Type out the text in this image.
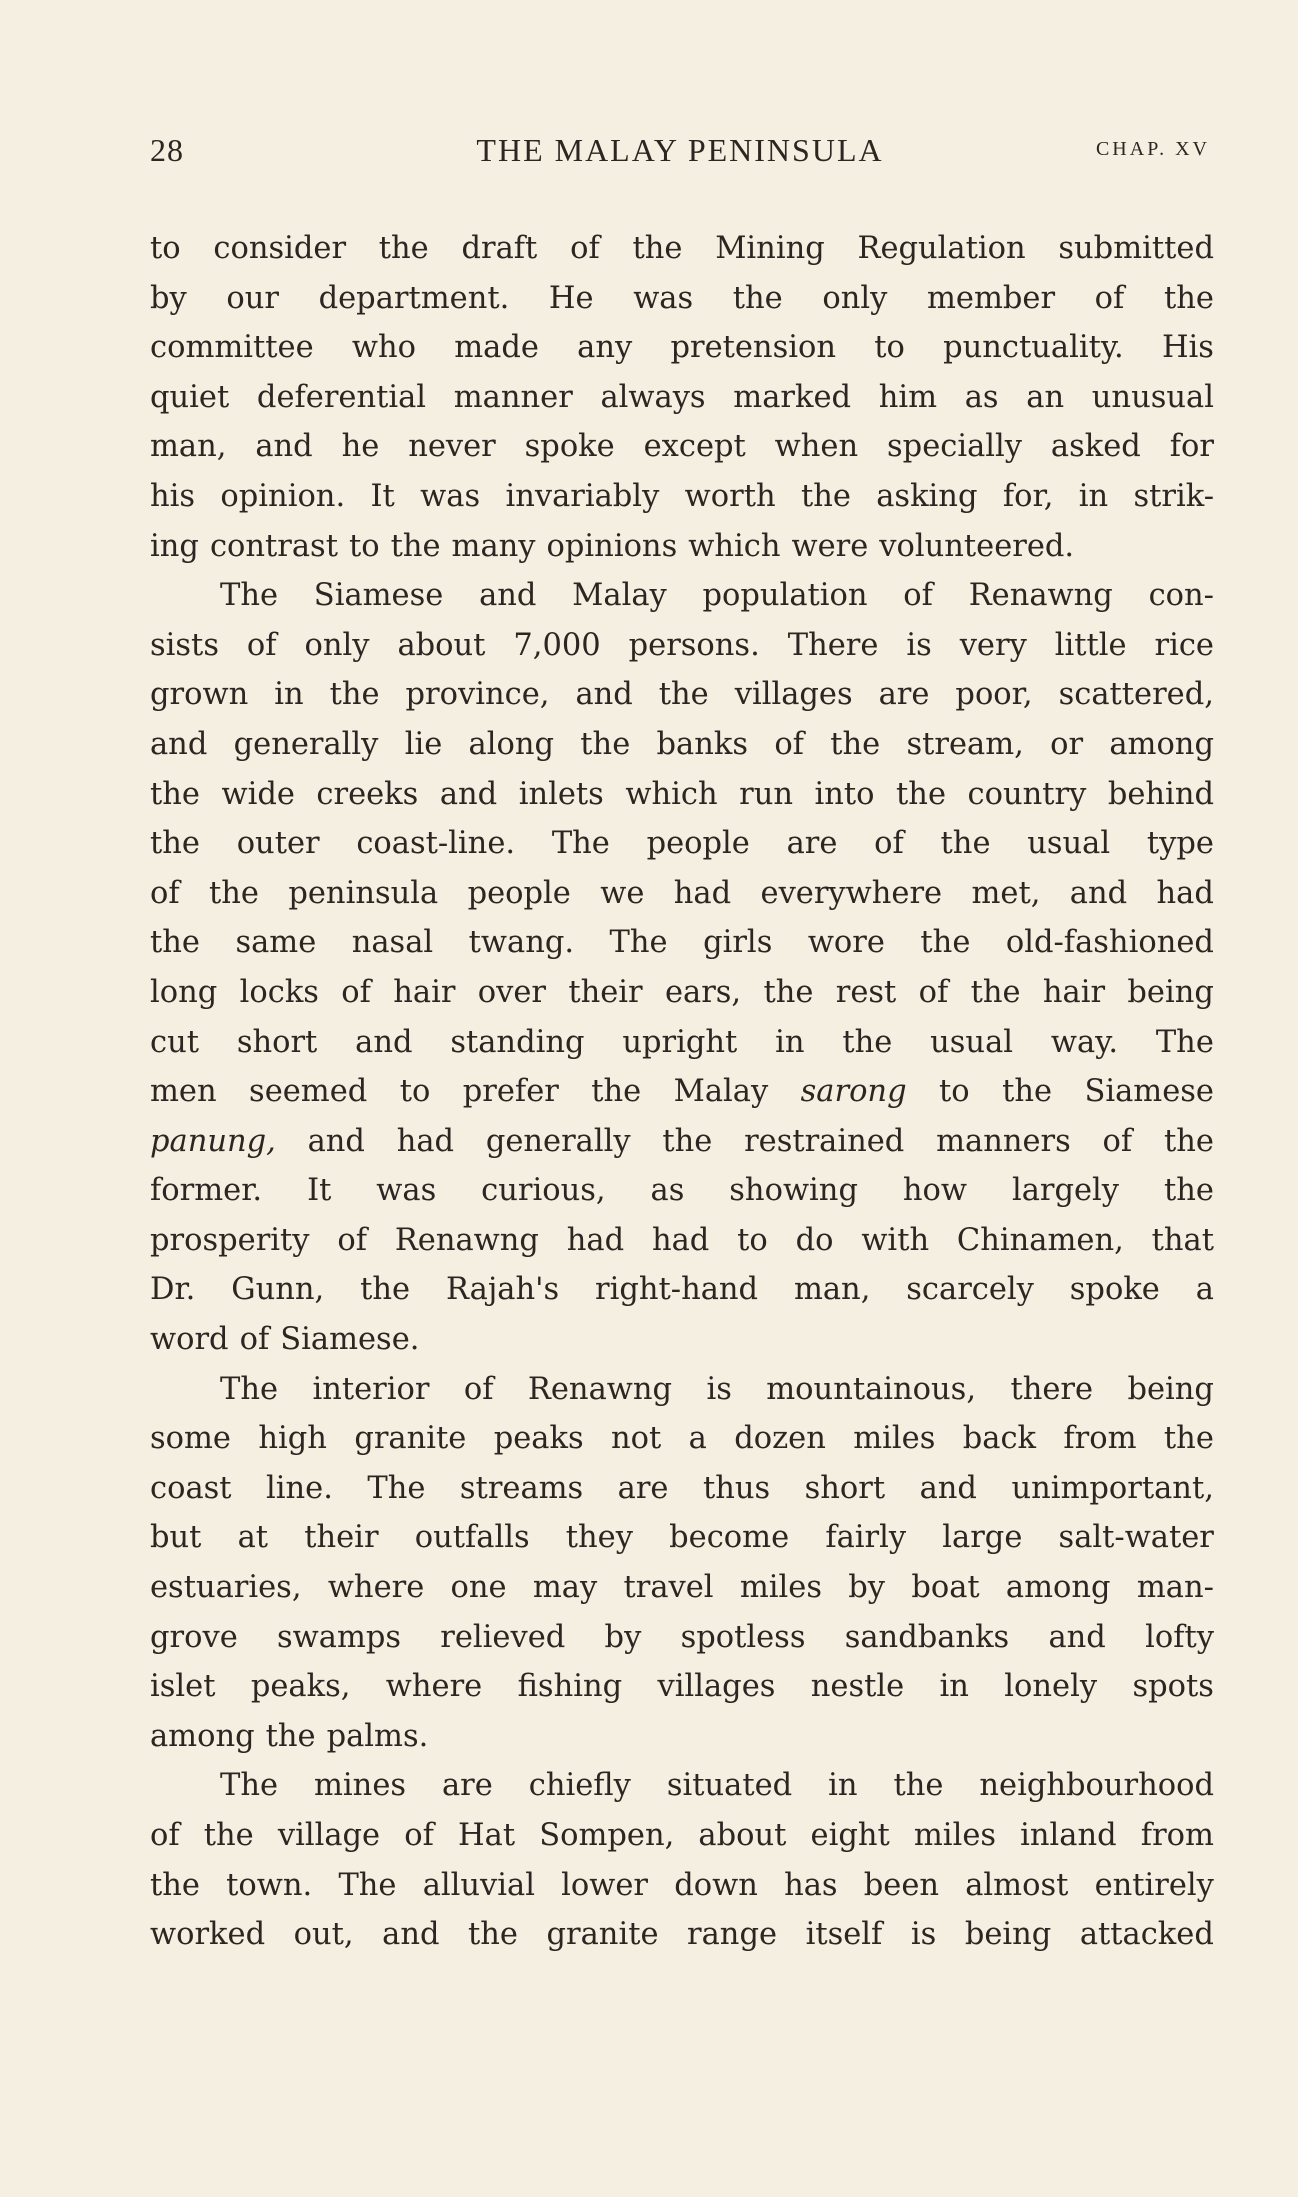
28	THE MALAY PENINSULA	CHAP. XV
to consider the draft of the Mining Regulation submitted
by our department. He was the only member of the
committee who made any pretension to punctuality. His
quiet deferential manner always marked him as an unusual
man, and he never spoke except when specially asked for
his opinion. It was invariably worth the asking for, in strik-
ing contrast to the many opinions which were volunteered.
The Siamese and Malay population of Renawng con-
sists of only about 7,000 persons. There is very little rice
grown in the province, and the villages are poor, scattered,
and generally lie along the banks of the stream, or among
the wide creeks and inlets which run into the country behind
the outer coast-line. The people are of the usual type
of the peninsula people we had everywhere met, and had
the same nasal twang. The girls wore the old-fashioned
long locks of hair over their ears, the rest of the hair being
cut short and standing upright in the usual way. The
men seemed to prefer the Malay sarong to the Siamese
panung, and had generally the restrained manners of the
former. It was curious, as showing how largely the
prosperity of Renawng had had to do with Chinamen, that
Dr. Gunn, the Rajah's right-hand man, scarcely spoke a
word of Siamese.
The interior of Renawng is mountainous, there being
some high granite peaks not a dozen miles back from the
coast line. The streams are thus short and unimportant,
but at their outfalls they become fairly large salt-water
estuaries, where one may travel miles by boat among man-
grove swamps relieved by spotless sandbanks and lofty
islet peaks, where fishing villages nestle in lonely spots
among the palms.
The mines are chiefly situated in the neighbourhood
of the village of Hat Sompen, about eight miles inland from
the town. The alluvial lower down has been almost entirely
worked out, and the granite range itself is being attacked
